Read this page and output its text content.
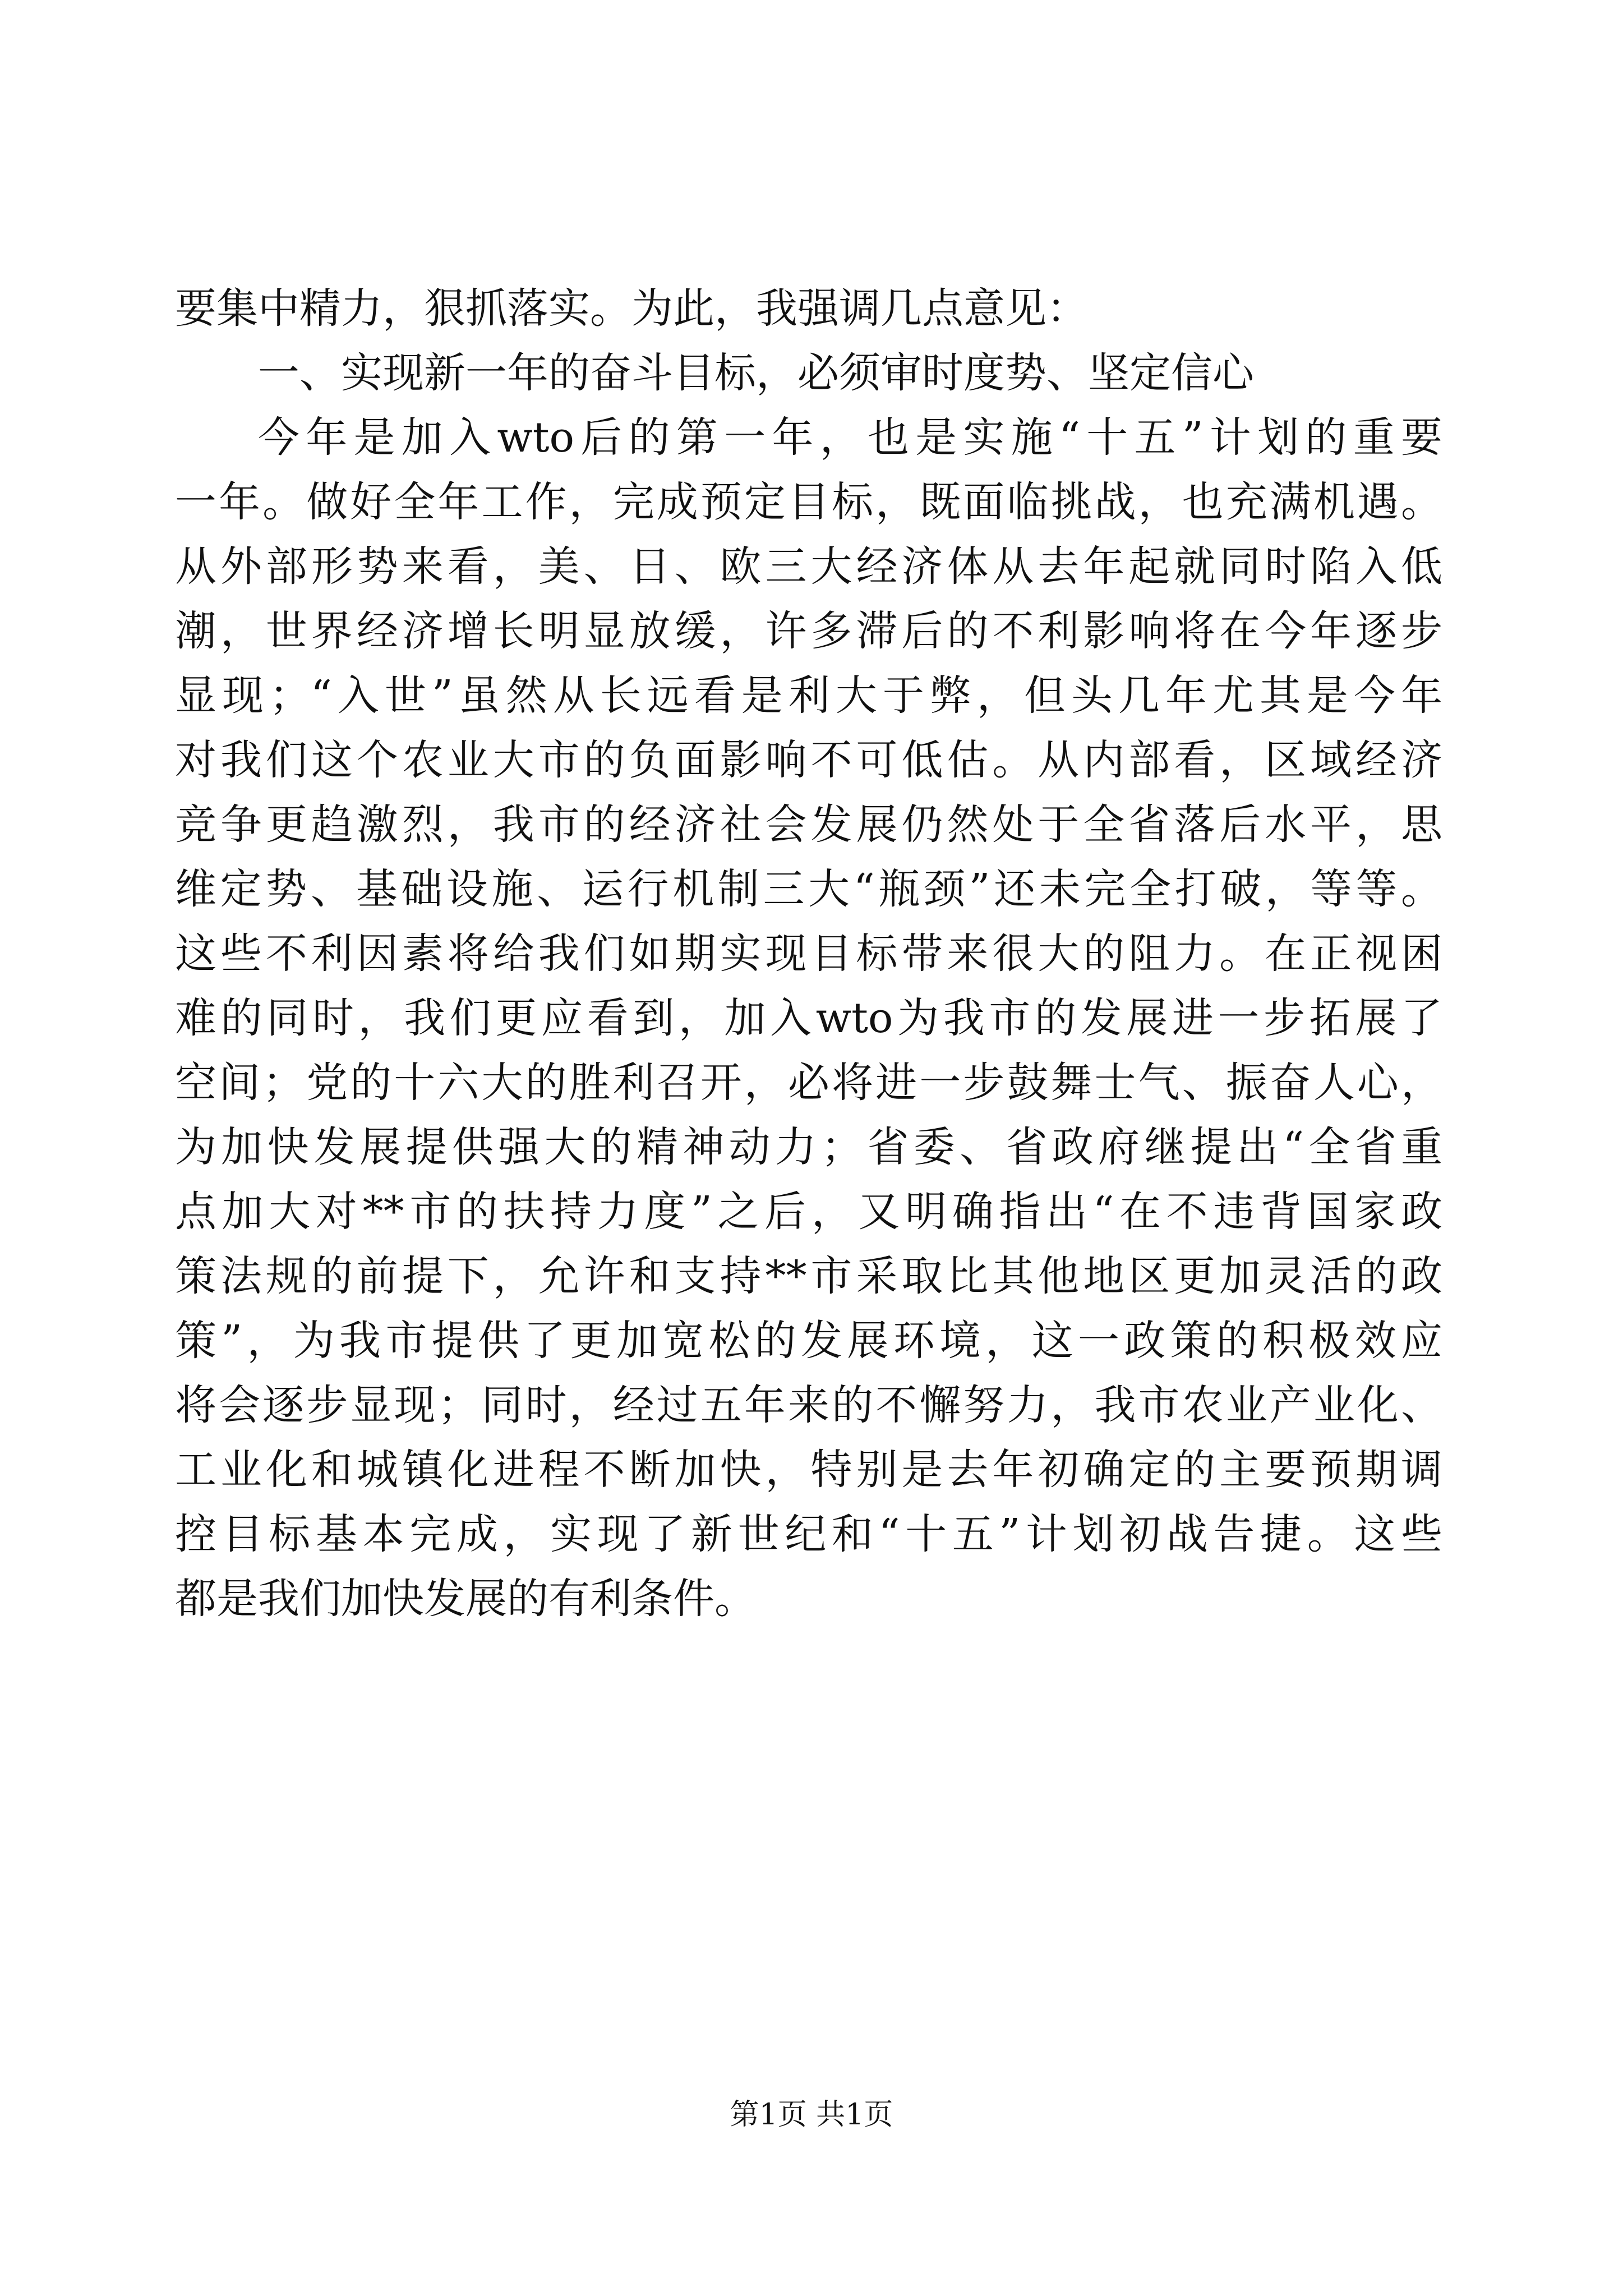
要集中精力，狠抓落实。为此，我强调几点意见：

一、实现新一年的奋斗目标，必须审时度势、坚定信心

今年是加入wto后的第一年，也是实施“十五”计划的重要

一年。做好全年工作，完成预定目标，既面临挑战，也充满机遇。

从外部形势来看，美、日、欧三大经济体从去年起就同时陷入低

潮，世界经济增长明显放缓，许多滞后的不利影响将在今年逐步

显现；“入世”虽然从长远看是利大于弊，但头几年尤其是今年

对我们这个农业大市的负面影响不可低估。从内部看，区域经济

竞争更趋激烈，我市的经济社会发展仍然处于全省落后水平，思

维定势、基础设施、运行机制三大“瓶颈”还未完全打破，等等。

这些不利因素将给我们如期实现目标带来很大的阻力。在正视困

难的同时，我们更应看到，加入wto为我市的发展进一步拓展了

空间；党的十六大的胜利召开，必将进一步鼓舞士气、振奋人心，

为加快发展提供强大的精神动力；省委、省政府继提出“全省重

点加大对**市的扶持力度”之后，又明确指出“在不违背国家政

策法规的前提下，允许和支持**市采取比其他地区更加灵活的政

策”，为我市提供了更加宽松的发展环境，这一政策的积极效应

将会逐步显现；同时，经过五年来的不懈努力，我市农业产业化、

工业化和城镇化进程不断加快，特别是去年初确定的主要预期调

控目标基本完成，实现了新世纪和“十五”计划初战告捷。这些

都是我们加快发展的有利条件。

第1页 共1页
